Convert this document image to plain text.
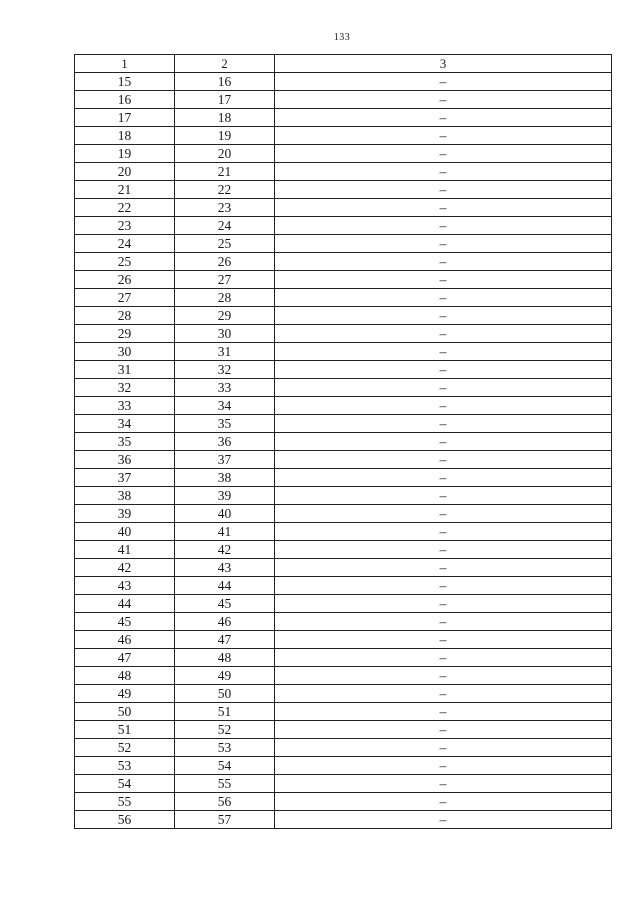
133
1	2	3
15	16	–
16	17	–
17	18	–
18	19	–
19	20	–
20	21	–
21	22	–
22	23	–
23	24	–
24	25	–
25	26	–
26	27	–
27	28	–
28	29	–
29	30	–
30	31	–
31	32	–
32	33	–
33	34	–
34	35	–
35	36	–
36	37	–
37	38	–
38	39	–
39	40	–
40	41	–
41	42	–
42	43	–
43	44	–
44	45	–
45	46	–
46	47	–
47	48	–
48	49	–
49	50	–
50	51	–
51	52	–
52	53	–
53	54	–
54	55	–
55	56	–
56	57	–
